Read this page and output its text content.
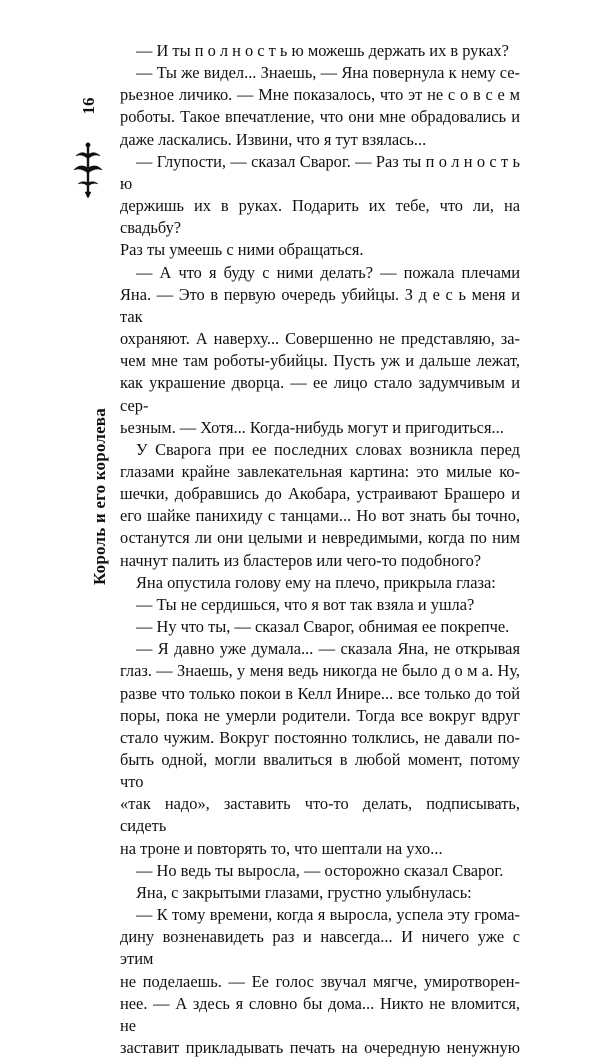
16
Король и его королева

— И ты п о л н о с т ь ю можешь держать их в руках?

— Ты же видел... Знаешь, — Яна повернула к нему се-

рьезное личико. — Мне показалось, что эт не с о в с е м

роботы. Такое впечатление, что они мне обрадовались и

даже ласкались. Извини, что я тут взялась...

— Глупости, — сказал Сварог. — Раз ты п о л н о с т ь ю

держишь их в руках. Подарить их тебе, что ли, на свадьбу?

Раз ты умеешь с ними обращаться.

— А что я буду с ними делать? — пожала плечами

Яна. — Это в первую очередь убийцы. З д е с ь меня и так

охраняют. А наверху... Совершенно не представляю, за-

чем мне там роботы-убийцы. Пусть уж и дальше лежат,

как украшение дворца. — ее лицо стало задумчивым и сер-

ьезным. — Хотя... Когда-нибудь могут и пригодиться...

У Сварога при ее последних словах возникла перед

глазами крайне завлекательная картина: это милые ко-

шечки, добравшись до Акобара, устраивают Брашеро и

его шайке панихиду с танцами... Но вот знать бы точно,

останутся ли они целыми и невредимыми, когда по ним

начнут палить из бластеров или чего-то подобного?

Яна опустила голову ему на плечо, прикрыла глаза:

— Ты не сердишься, что я вот так взяла и ушла?

— Ну что ты, — сказал Сварог, обнимая ее покрепче.

— Я давно уже думала... — сказала Яна, не открывая

глаз. — Знаешь, у меня ведь никогда не было д о м а. Ну,

разве что только покои в Келл Инире... все только до той

поры, пока не умерли родители. Тогда все вокруг вдруг

стало чужим. Вокруг постоянно толклись, не давали по-

быть одной, могли ввалиться в любой момент, потому что

«так надо», заставить что-то делать, подписывать, сидеть

на троне и повторять то, что шептали на ухо...

— Но ведь ты выросла, — осторожно сказал Сварог.

Яна, с закрытыми глазами, грустно улыбнулась:

— К тому времени, когда я выросла, успела эту грома-

дину возненавидеть раз и навсегда... И ничего уже с этим

не поделаешь. — Ее голос звучал мягче, умиротворен-

нее. — А здесь я словно бы дома... Никто не вломится, не

заставит прикладывать печать на очередную ненужную
